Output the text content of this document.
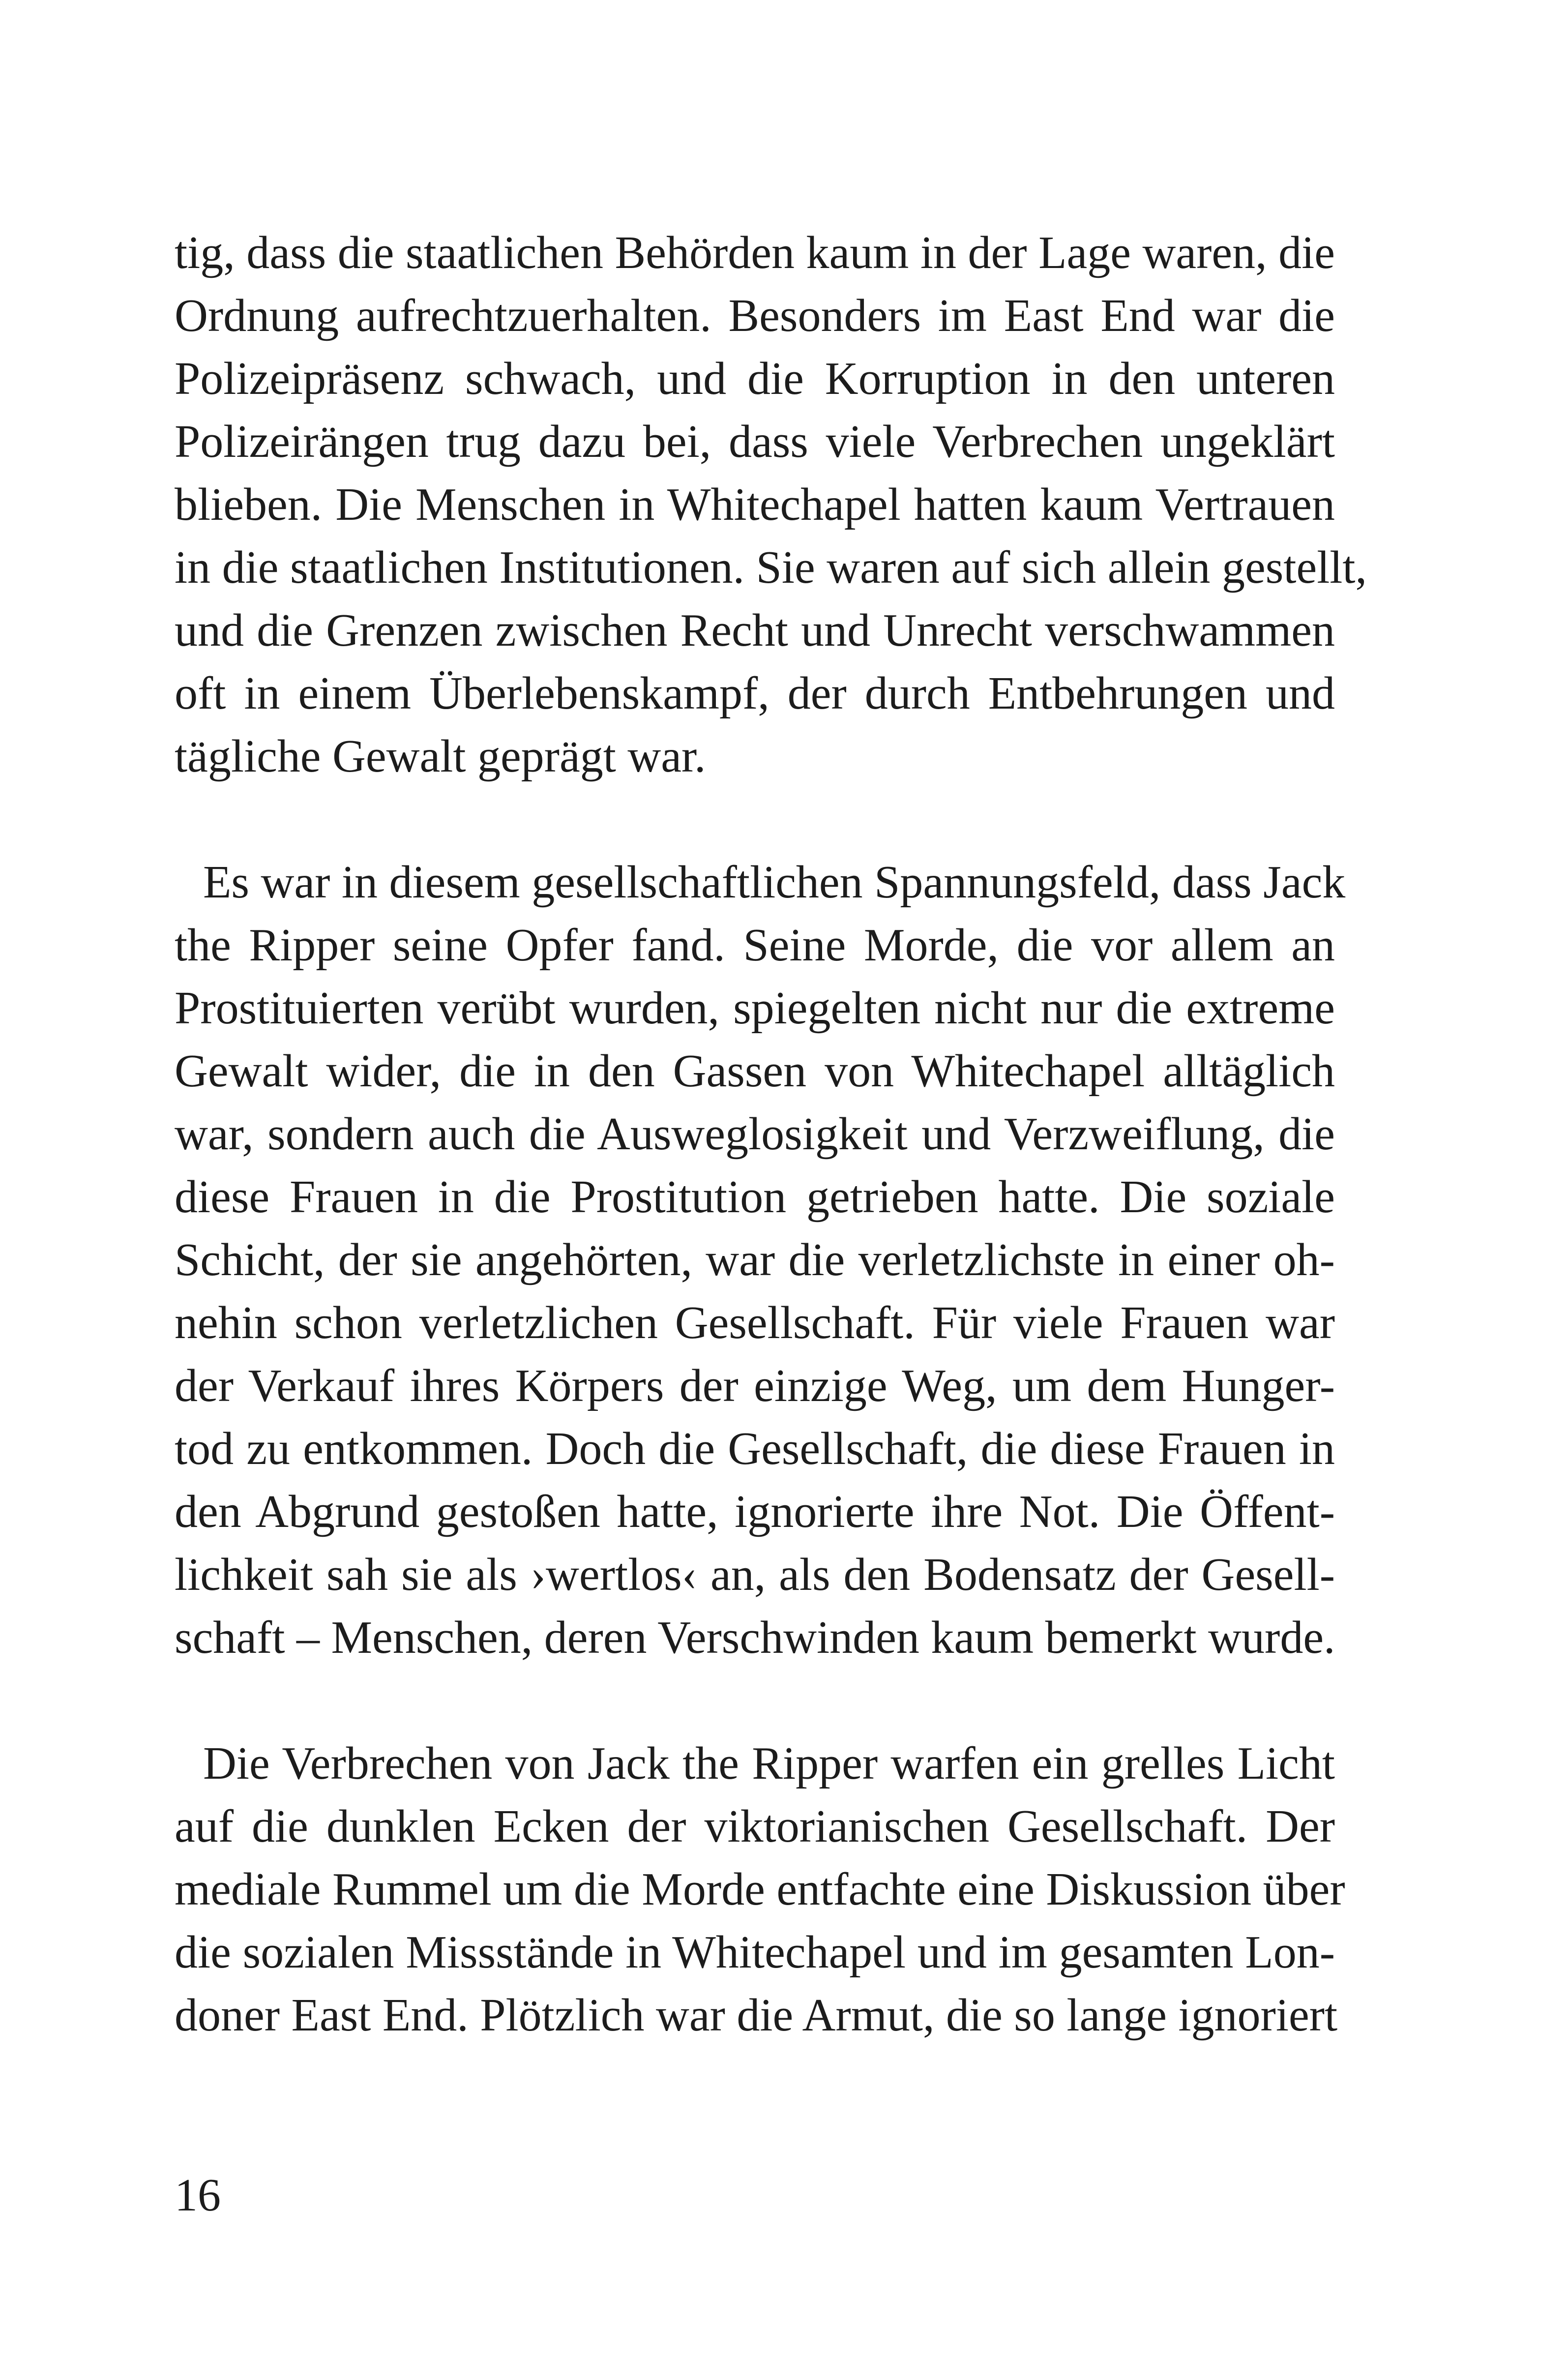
tig, dass die staatlichen Behörden kaum in der Lage waren, die
Ordnung aufrechtzuerhalten. Besonders im East End war die
Polizeipräsenz schwach, und die Korruption in den unteren
Polizeirängen trug dazu bei, dass viele Verbrechen ungeklärt
blieben. Die Menschen in Whitechapel hatten kaum Vertrauen
in die staatlichen Institutionen. Sie waren auf sich allein gestellt,
und die Grenzen zwischen Recht und Unrecht verschwammen
oft in einem Überlebenskampf, der durch Entbehrungen und
tägliche Gewalt geprägt war.
Es war in diesem gesellschaftlichen Spannungsfeld, dass Jack
the Ripper seine Opfer fand. Seine Morde, die vor allem an
Prostituierten verübt wurden, spiegelten nicht nur die extreme
Gewalt wider, die in den Gassen von Whitechapel alltäglich
war, sondern auch die Ausweglosigkeit und Verzweiflung, die
diese Frauen in die Prostitution getrieben hatte. Die soziale
Schicht, der sie angehörten, war die verletzlichste in einer oh-
nehin schon verletzlichen Gesellschaft. Für viele Frauen war
der Verkauf ihres Körpers der einzige Weg, um dem Hunger-
tod zu entkommen. Doch die Gesellschaft, die diese Frauen in
den Abgrund gestoßen hatte, ignorierte ihre Not. Die Öffent-
lichkeit sah sie als ›wertlos‹ an, als den Bodensatz der Gesell-
schaft – Menschen, deren Verschwinden kaum bemerkt wurde.
Die Verbrechen von Jack the Ripper warfen ein grelles Licht
auf die dunklen Ecken der viktorianischen Gesellschaft. Der
mediale Rummel um die Morde entfachte eine Diskussion über
die sozialen Missstände in Whitechapel und im gesamten Lon-
doner East End. Plötzlich war die Armut, die so lange ignoriert
16
